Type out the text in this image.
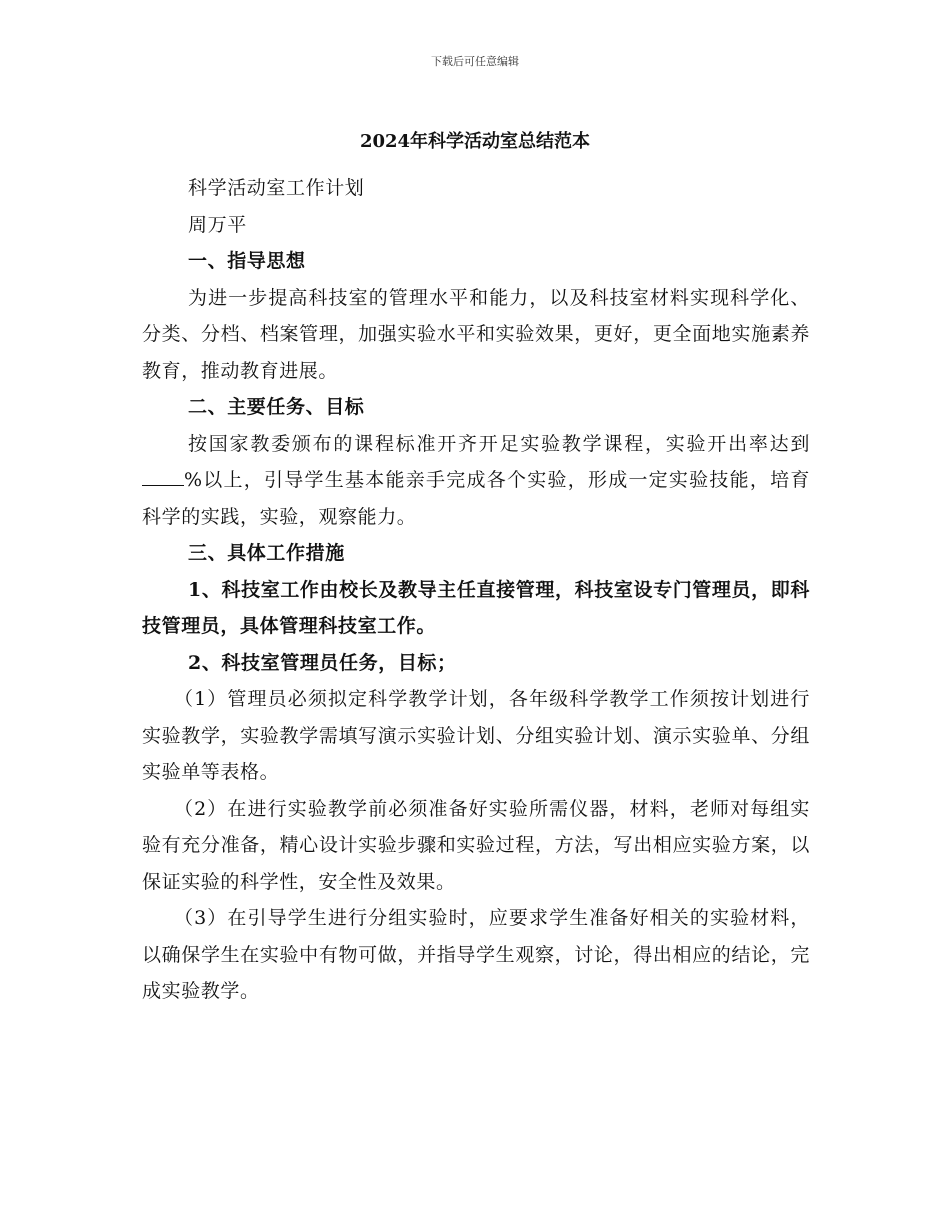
下载后可任意编辑
2024年科学活动室总结范本

科学活动室工作计划

周万平

一、指导思想

为进一步提高科技室的管理水平和能力，以及科技室材料实现科学化、分类、分档、档案管理，加强实验水平和实验效果，更好，更全面地实施素养教育，推动教育进展。

二、主要任务、目标

按国家教委颁布的课程标准开齐开足实验教学课程，实验开出率达到%以上，引导学生基本能亲手完成各个实验，形成一定实验技能，培育科学的实践，实验，观察能力。

三、具体工作措施

1、科技室工作由校长及教导主任直接管理，科技室设专门管理员，即科技管理员，具体管理科技室工作。

2、科技室管理员任务，目标；

（1）管理员必须拟定科学教学计划，各年级科学教学工作须按计划进行实验教学，实验教学需填写演示实验计划、分组实验计划、演示实验单、分组实验单等表格。

（2）在进行实验教学前必须准备好实验所需仪器，材料，老师对每组实验有充分准备，精心设计实验步骤和实验过程，方法，写出相应实验方案，以保证实验的科学性，安全性及效果。

（3）在引导学生进行分组实验时，应要求学生准备好相关的实验材料，以确保学生在实验中有物可做，并指导学生观察，讨论，得出相应的结论，完成实验教学。
